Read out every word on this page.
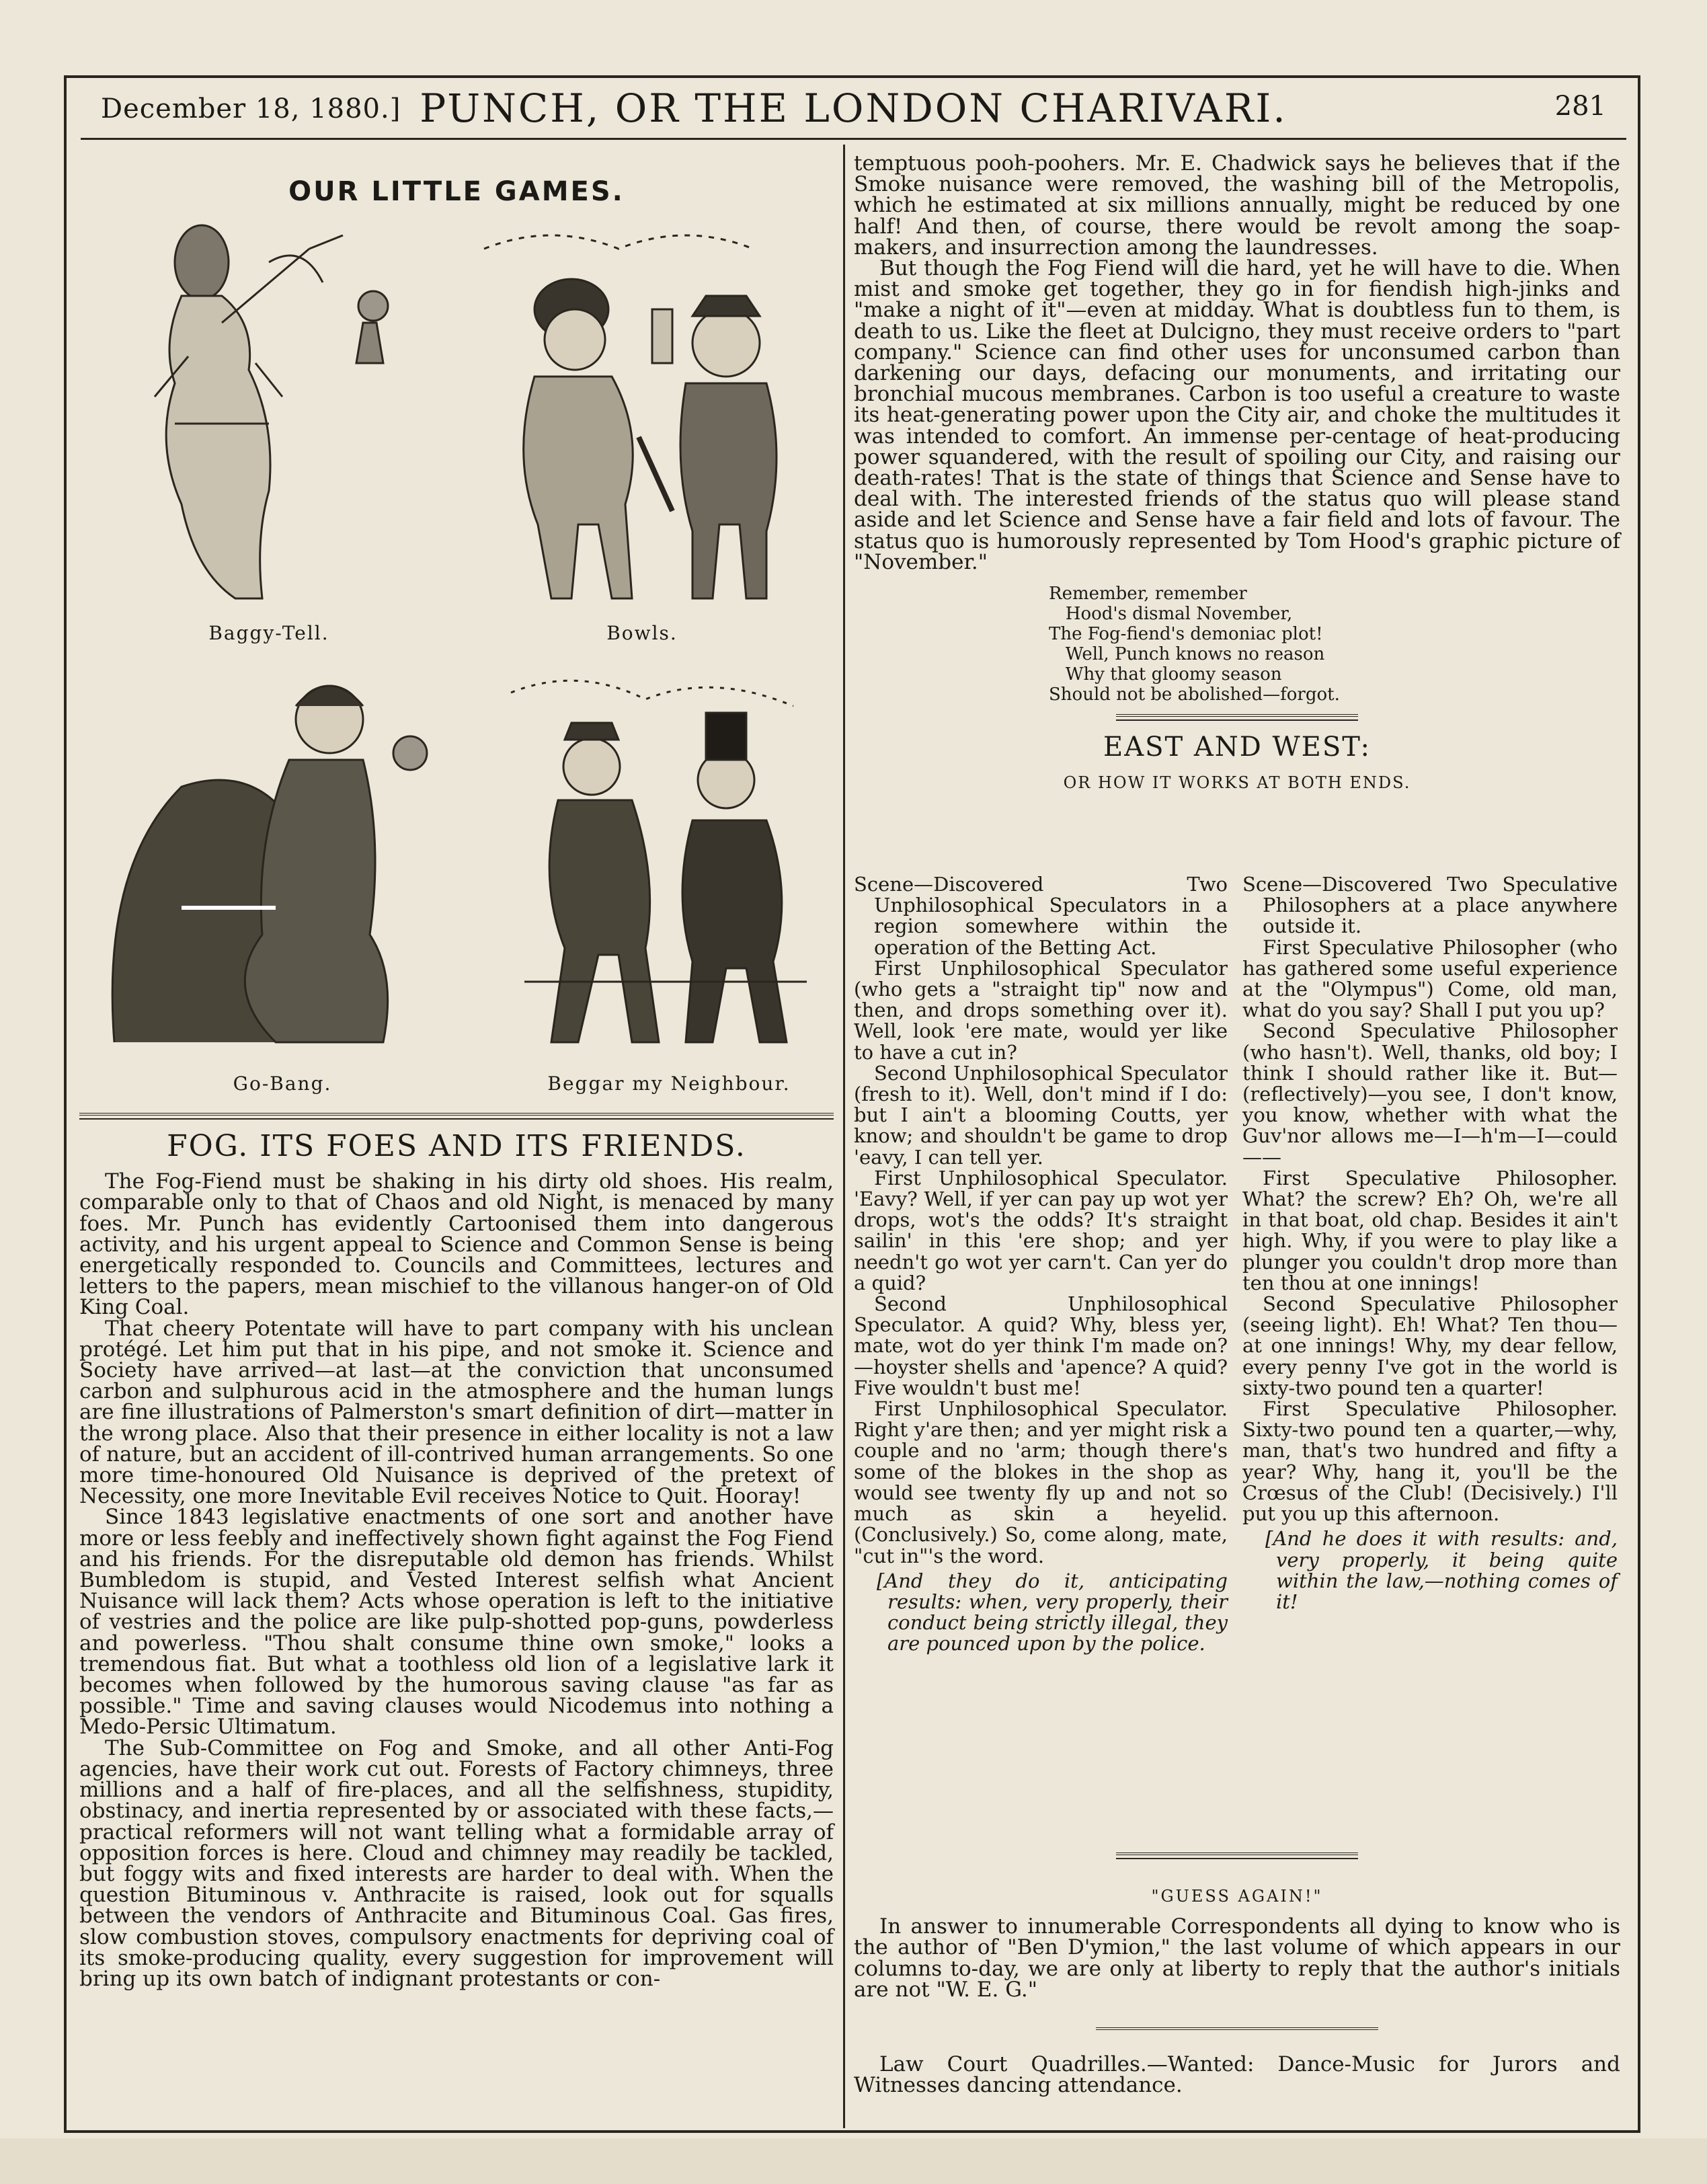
December 18, 1880.] PUNCH, OR THE LONDON CHARIVARI.	281
OUR LITTLE GAMES.
Baggy-Tell.	Bowls.
Go-Bang.	Beggar my Neighbour.
FOG. ITS FOES AND ITS FRIENDS.

The Fog-Fiend must be shaking in his dirty old shoes. His realm, comparable only to that of Chaos and old Night, is menaced by many foes. Mr. Punch has evidently Cartoonised them into dangerous activity, and his urgent appeal to Science and Common Sense is being energetically responded to. Councils and Committees, lectures and letters to the papers, mean mischief to the villanous hanger-on of Old King Coal.

That cheery Potentate will have to part company with his unclean protégé. Let him put that in his pipe, and not smoke it. Science and Society have arrived—at last—at the conviction that unconsumed carbon and sulphurous acid in the atmosphere and the human lungs are fine illustrations of Palmerston's smart definition of dirt—matter in the wrong place. Also that their presence in either locality is not a law of nature, but an accident of ill-contrived human arrangements. So one more time-honoured Old Nuisance is deprived of the pretext of Necessity, one more Inevitable Evil receives Notice to Quit. Hooray!

Since 1843 legislative enactments of one sort and another have more or less feebly and ineffectively shown fight against the Fog Fiend and his friends. For the disreputable old demon has friends. Whilst Bumbledom is stupid, and Vested Interest selfish what Ancient Nuisance will lack them? Acts whose operation is left to the initiative of vestries and the police are like pulp-shotted pop-guns, powderless and powerless. "Thou shalt consume thine own smoke," looks a tremendous fiat. But what a toothless old lion of a legislative lark it becomes when followed by the humorous saving clause "as far as possible." Time and saving clauses would Nicodemus into nothing a Medo-Persic Ultimatum.

The Sub-Committee on Fog and Smoke, and all other Anti-Fog agencies, have their work cut out. Forests of Factory chimneys, three millions and a half of fire-places, and all the selfishness, stupidity, obstinacy, and inertia represented by or associated with these facts,—practical reformers will not want telling what a formidable array of opposition forces is here. Cloud and chimney may readily be tackled, but foggy wits and fixed interests are harder to deal with. When the question Bituminous v. Anthracite is raised, look out for squalls between the vendors of Anthracite and Bituminous Coal. Gas fires, slow combustion stoves, compulsory enactments for depriving coal of its smoke-producing quality, every suggestion for improvement will bring up its own batch of indignant protestants or con-

temptuous pooh-poohers. Mr. E. Chadwick says he believes that if the Smoke nuisance were removed, the washing bill of the Metropolis, which he estimated at six millions annually, might be reduced by one half! And then, of course, there would be revolt among the soap-makers, and insurrection among the laundresses.

But though the Fog Fiend will die hard, yet he will have to die. When mist and smoke get together, they go in for fiendish high-jinks and "make a night of it"—even at midday. What is doubtless fun to them, is death to us. Like the fleet at Dulcigno, they must receive orders to "part company." Science can find other uses for unconsumed carbon than darkening our days, defacing our monuments, and irritating our bronchial mucous membranes. Carbon is too useful a creature to waste its heat-generating power upon the City air, and choke the multitudes it was intended to comfort. An immense per-centage of heat-producing power squandered, with the result of spoiling our City, and raising our death-rates! That is the state of things that Science and Sense have to deal with. The interested friends of the status quo will please stand aside and let Science and Sense have a fair field and lots of favour. The status quo is humorously represented by Tom Hood's graphic picture of "November."

Remember, remember
Hood's dismal November,
The Fog-fiend's demoniac plot!
Well, Punch knows no reason
Why that gloomy season
Should not be abolished—forgot.
EAST AND WEST:
OR HOW IT WORKS AT BOTH ENDS.

Scene—Discovered Two Unphilosophical Speculators in a region somewhere within the operation of the Betting Act.

First Unphilosophical Speculator (who gets a "straight tip" now and then, and drops something over it). Well, look 'ere mate, would yer like to have a cut in?

Second Unphilosophical Speculator (fresh to it). Well, don't mind if I do: but I ain't a blooming Coutts, yer know; and shouldn't be game to drop 'eavy, I can tell yer.

First Unphilosophical Speculator. 'Eavy? Well, if yer can pay up wot yer drops, wot's the odds? It's straight sailin' in this 'ere shop; and yer needn't go wot yer carn't. Can yer do a quid?

Second Unphilosophical Speculator. A quid? Why, bless yer, mate, wot do yer think I'm made on?—hoyster shells and 'apence? A quid? Five wouldn't bust me!

First Unphilosophical Speculator. Right y'are then; and yer might risk a couple and no 'arm; though there's some of the blokes in the shop as would see twenty fly up and not so much as skin a heyelid. (Conclusively.) So, come along, mate, "cut in"'s the word.

[And they do it, anticipating results: when, very properly, their conduct being strictly illegal, they are pounced upon by the police.

Scene—Discovered Two Speculative Philosophers at a place anywhere outside it.

First Speculative Philosopher (who has gathered some useful experience at the "Olympus") Come, old man, what do you say? Shall I put you up?

Second Speculative Philosopher (who hasn't). Well, thanks, old boy; I think I should rather like it. But—(reflectively)—you see, I don't know, you know, whether with what the Guv'nor allows me—I—h'm—I—could——

First Speculative Philosopher. What? the screw? Eh? Oh, we're all in that boat, old chap. Besides it ain't high. Why, if you were to play like a plunger you couldn't drop more than ten thou at one innings!

Second Speculative Philosopher (seeing light). Eh! What? Ten thou—at one innings! Why, my dear fellow, every penny I've got in the world is sixty-two pound ten a quarter!

First Speculative Philosopher. Sixty-two pound ten a quarter,—why, man, that's two hundred and fifty a year? Why, hang it, you'll be the Crœsus of the Club! (Decisively.) I'll put you up this afternoon.

[And he does it with results: and, very properly, it being quite within the law,—nothing comes of it!

"GUESS AGAIN!"

In answer to innumerable Correspondents all dying to know who is the author of "Ben D'ymion," the last volume of which appears in our columns to-day, we are only at liberty to reply that the author's initials are not "W. E. G."

Law Court Quadrilles.—Wanted: Dance-Music for Jurors and Witnesses dancing attendance.
